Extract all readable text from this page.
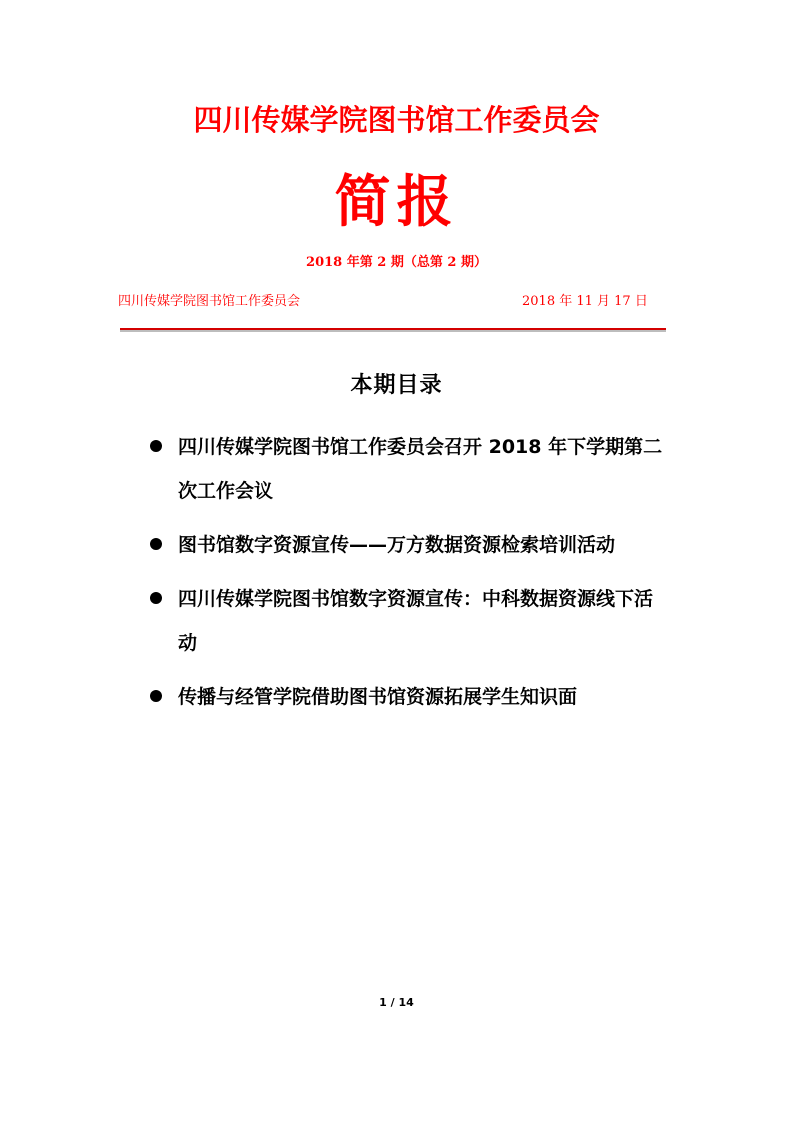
四川传媒学院图书馆工作委员会
简报
2018 年第 2 期（总第 2 期）
四川传媒学院图书馆工作委员会	2018 年 11 月 17 日
本期目录
四川传媒学院图书馆工作委员会召开 2018 年下学期第二次工作会议
图书馆数字资源宣传——万方数据资源检索培训活动
四川传媒学院图书馆数字资源宣传：中科数据资源线下活动
传播与经管学院借助图书馆资源拓展学生知识面
1 / 14
